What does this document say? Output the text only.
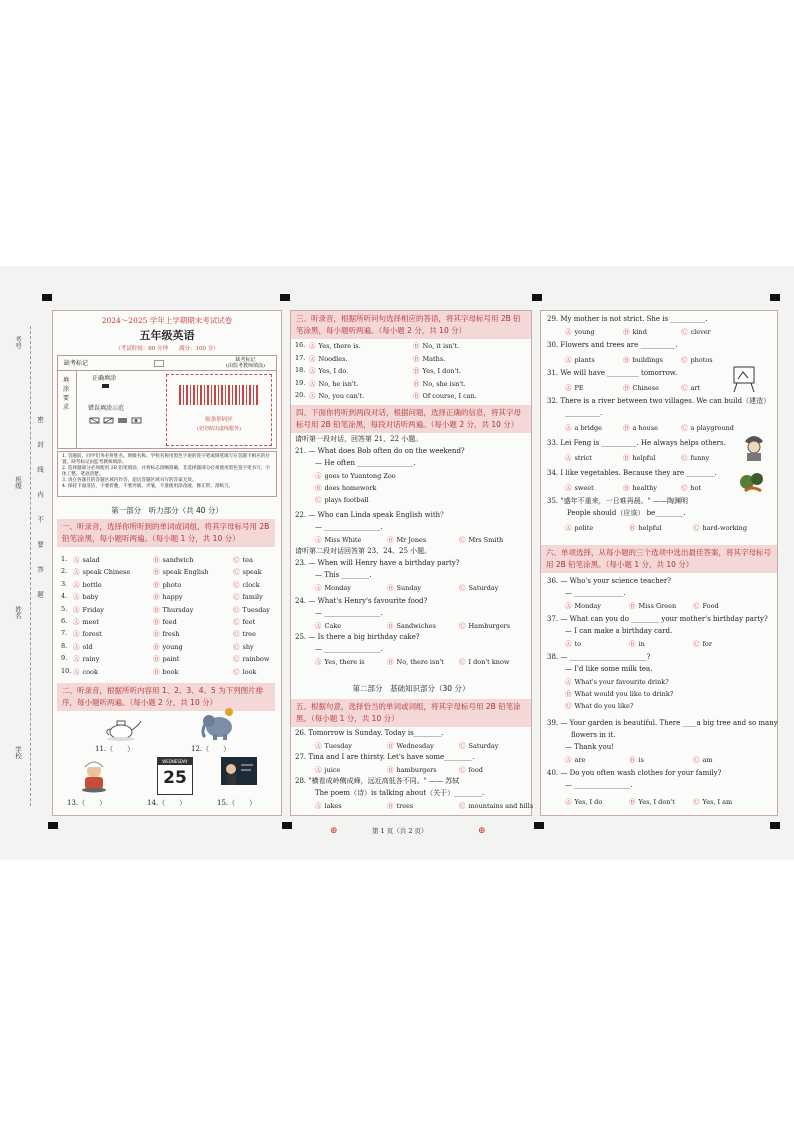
考号
班级
姓名
学校
密　封　线　内　不　要　答　题
2024～2025 学年上学期期末考试试卷
五年级英语
（考试时间：60 分钟　　满分：100 分）
缺考标记	缺考标记
(由监考教师填涂)
填
涂
要
求
正确填涂
错误填涂示范
贴条形码区
(切勿贴出虚线框外)
1. 答题前，同学们务必将姓名、班级名称、学校名称用黑色字迹的签字笔或钢笔填写在答题卡相应的位置，缺考标记由监考教师填涂。
2. 选择题部分必须使用 2B 铅笔填涂，并将标志清晰准确，非选择题部分必须使用黑色签字笔书写，字体工整，笔迹清楚。
3. 请在各题目的答题区域内作答，超出答题区域书写的答案无效。
4. 保持卡面清洁，不要折叠，不要弄破、弄皱，不准使用涂改液、修正带、刮纸刀。
第一部分　听力部分（共 40 分）
一、听录音，选择你所听到的单词或词组，将其字母标号用 2B 铅笔涂黑，每小题听两遍。（每小题 1 分，共 10 分）
1. Ⓐ salad	Ⓑ sandwich	Ⓒ tea
2. Ⓐ speak Chinese	Ⓑ speak English	Ⓒ speak
3. Ⓐ bottle	Ⓑ photo	Ⓒ clock
4. Ⓐ baby	Ⓑ happy	Ⓒ family
5. Ⓐ Friday	Ⓑ Thursday	Ⓒ Tuesday
6. Ⓐ meet	Ⓑ feed	Ⓒ feet
7. Ⓐ forest	Ⓑ fresh	Ⓒ tree
8. Ⓐ old	Ⓑ young	Ⓒ shy
9. Ⓐ rainy	Ⓑ paint	Ⓒ rainbow
10. Ⓐ cook	Ⓑ book	Ⓒ look
二、听录音，根据所听内容用 1、2、3、4、5 为下列图片排序，每小题听两遍。（每小题 2 分，共 10 分）
11.（　　）	12.（　　）
13.（　　）
WEDNESDAY
25
14.（　　）	15.（　　）
三、听录音，根据所听问句选择相应的答语，将其字母标号用 2B 铅笔涂黑，每小题听两遍。（每小题 2 分，共 10 分）
16. Ⓐ Yes, there is.	Ⓑ No, it isn't.
17. Ⓐ Noodles.	Ⓑ Maths.
18. Ⓐ Yes, I do.	Ⓑ Yes, I don't.
19. Ⓐ No, he isn't.	Ⓑ No, she isn't.
20. Ⓐ No, you can't.	Ⓑ Of course, I can.
四、下面你将听到两段对话，根据问题，选择正确的信息，将其字母标号用 2B 铅笔涂黑，每段对话听两遍。（每小题 2 分，共 10 分）
请听第一段对话，回答第 21、22 小题。
21. — What does Bob often do on the weekend?
— He often ________________.
Ⓐ goes to Yuantong Zoo
Ⓑ does homework
Ⓒ plays football
22. — Who can Linda speak English with？
— ________________.
Ⓐ Miss White	Ⓑ Mr Jones	Ⓒ Mrs Smith
请听第二段对话回答第 23、24、25 小题。
23. — When will Henry have a birthday party?
— This ________.
Ⓐ Monday	Ⓑ Sunday	Ⓒ Saturday
24. — What's Henry's favourite food?
— ________________.
Ⓐ Cake	Ⓑ Sandwiches	Ⓒ Hamburgers
25. — Is there a big birthday cake?
— ________________.
Ⓐ Yes, there is	Ⓑ No, there isn't Ⓒ I don't know
第二部分　基础知识部分（30 分）
五、根据句意，选择恰当的单词或词组，将其字母标号用 2B 铅笔涂黑。（每小题 1 分，共 10 分）
26. Tomorrow is Sunday. Today is________.
Ⓐ Tuesday	Ⓑ Wednesday	Ⓒ Saturday
27. Tina and I are thirsty. Let's have some________.
Ⓐ juice	Ⓑ hamburgers	Ⓒ food
28. "横看成岭侧成峰，远近高低各不同。" —— 苏轼
The poem（诗）is talking about（关于）________.
Ⓐ lakes	Ⓑ trees	Ⓒ mountains and hills
29. My mother is not strict. She is __________.
Ⓐ young	Ⓑ kind	Ⓒ clever
30. Flowers and trees are __________.
Ⓐ plants	Ⓑ buildings	Ⓒ photos
31. We will have _________ tomorrow.
Ⓐ PE	Ⓑ Chinese	Ⓒ art
32. There is a river between two villages. We can build（建造）
__________.
Ⓐ a bridge	Ⓑ a house	Ⓒ a playground
33. Lei Feng is __________. He always helps others.
Ⓐ strict	Ⓑ helpful	Ⓒ funny
34. I like vegetables. Because they are ________.
Ⓐ sweet	Ⓑ healthy	Ⓒ hot
35. "盛年不重来，一日难再晨。" ——陶渊明
People should（应该） be________.
Ⓐ polite	Ⓑ helpful	Ⓒ hard-working
六、单项选择，从每小题的三个选项中选出最佳答案，将其字母标号用 2B 铅笔涂黑。（每小题 1 分，共 10 分）
36. — Who's your science teacher?
— ______________.
Ⓐ Monday	Ⓑ Miss Green	Ⓒ Food
37. — What can you do ________ your mother's birthday party?
— I can make a birthday card.
Ⓐ to	Ⓑ in	Ⓒ for
38. — ______________________?
— I'd like some milk tea.
Ⓐ What's your favourite drink?
Ⓑ What would you like to drink?
Ⓒ What do you like?
39. — Your garden is beautiful. There ____a big tree and so many
flowers in it.
— Thank you!
Ⓐ are	Ⓑ is	Ⓒ am
40. — Do you often wash clothes for your family?
— ________________.
Ⓐ Yes, I do	Ⓑ Yes, I don't	Ⓒ Yes, I am
⊕	第 1 页（共 2 页）	⊕
